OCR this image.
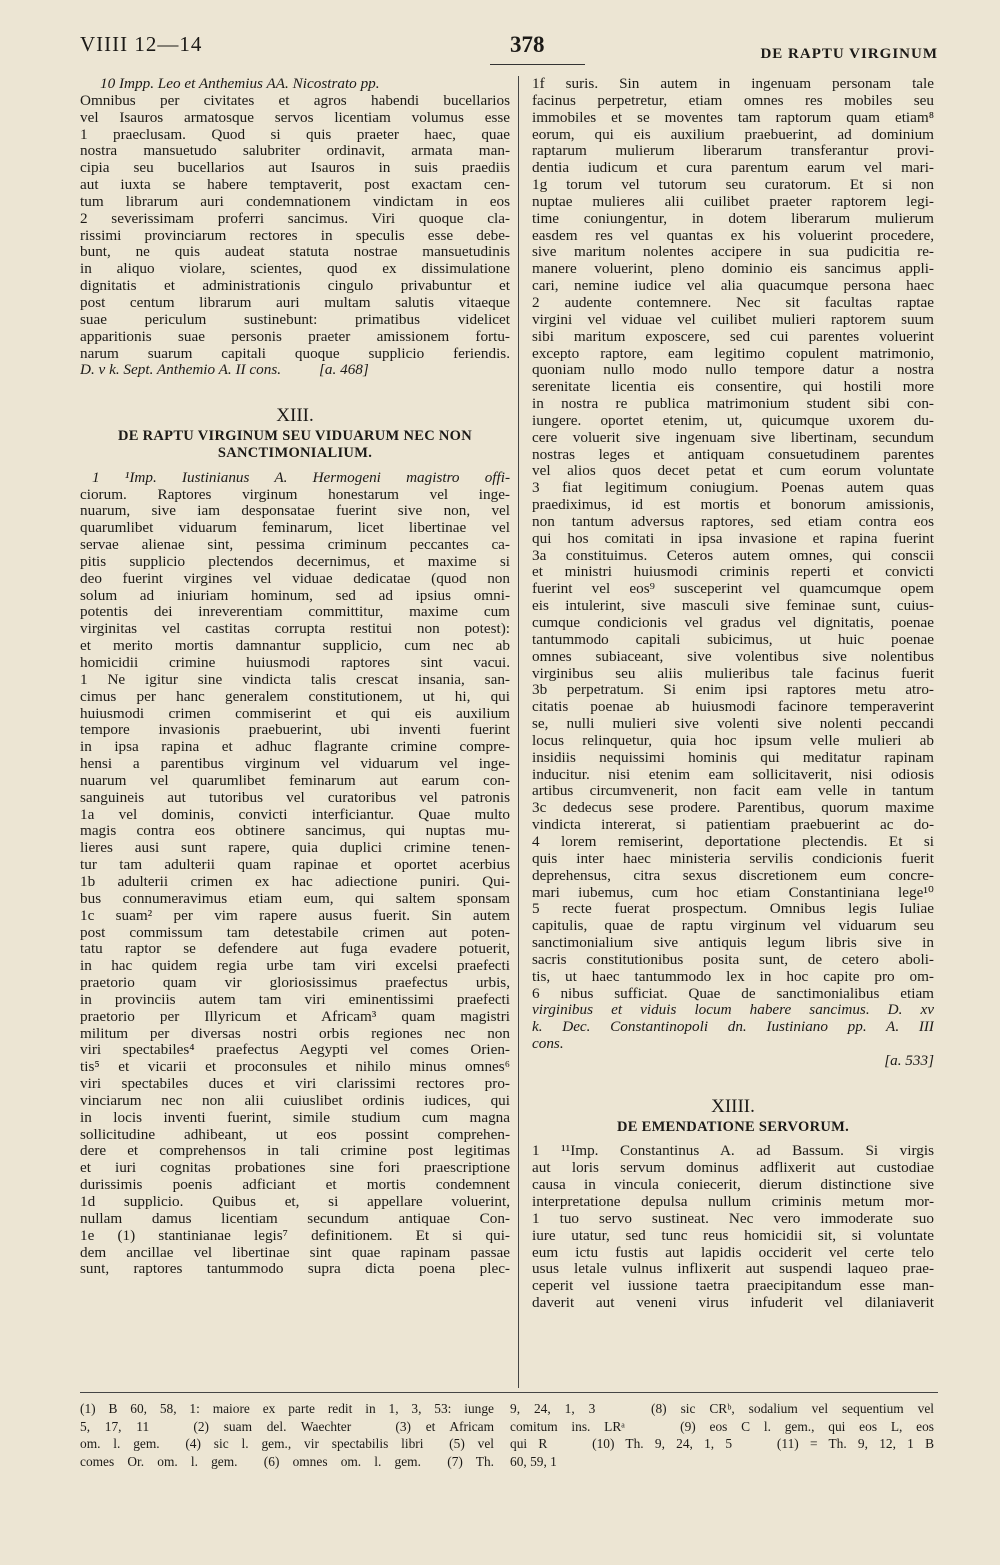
VIIII 12—14	378	DE RAPTU VIRGINUM
10 Impp. Leo et Anthemius AA. Nicostrato pp.
Omnibus per civitates et agros habendi bucellarios
vel Isauros armatosque servos licentiam volumus esse
1 praeclusam. Quod si quis praeter haec, quae
nostra mansuetudo salubriter ordinavit, armata man-
cipia seu bucellarios aut Isauros in suis praediis
aut iuxta se habere temptaverit, post exactam cen-
tum librarum auri condemnationem vindictam in eos
2 severissimam proferri sancimus. Viri quoque cla-
rissimi provinciarum rectores in speculis esse debe-
bunt, ne quis audeat statuta nostrae mansuetudinis
in aliquo violare, scientes, quod ex dissimulatione
dignitatis et administrationis cingulo privabuntur et
post centum librarum auri multam salutis vitaeque
suae periculum sustinebunt: primatibus videlicet
apparitionis suae personis praeter amissionem fortu-
narum suarum capitali quoque supplicio feriendis.
D. v k. Sept. Anthemio A. II cons.          [a. 468]
XIII.
DE RAPTU VIRGINUM SEU VIDUARUM NEC NON
SANCTIMONIALIUM.
1 ¹Imp. Iustinianus A. Hermogeni magistro offi-
ciorum. Raptores virginum honestarum vel inge-
nuarum, sive iam desponsatae fuerint sive non, vel
quarumlibet viduarum feminarum, licet libertinae vel
servae alienae sint, pessima criminum peccantes ca-
pitis supplicio plectendos decernimus, et maxime si
deo fuerint virgines vel viduae dedicatae (quod non
solum ad iniuriam hominum, sed ad ipsius omni-
potentis dei inreverentiam committitur, maxime cum
virginitas vel castitas corrupta restitui non potest):
et merito mortis damnantur supplicio, cum nec ab
homicidii crimine huiusmodi raptores sint vacui.
1 Ne igitur sine vindicta talis crescat insania, san-
cimus per hanc generalem constitutionem, ut hi, qui
huiusmodi crimen commiserint et qui eis auxilium
tempore invasionis praebuerint, ubi inventi fuerint
in ipsa rapina et adhuc flagrante crimine compre-
hensi a parentibus virginum vel viduarum vel inge-
nuarum vel quarumlibet feminarum aut earum con-
sanguineis aut tutoribus vel curatoribus vel patronis
1a vel dominis, convicti interficiantur. Quae multo
magis contra eos obtinere sancimus, qui nuptas mu-
lieres ausi sunt rapere, quia duplici crimine tenen-
tur tam adulterii quam rapinae et oportet acerbius
1b adulterii crimen ex hac adiectione puniri. Qui-
bus connumeravimus etiam eum, qui saltem sponsam
1c suam² per vim rapere ausus fuerit. Sin autem
post commissum tam detestabile crimen aut poten-
tatu raptor se defendere aut fuga evadere potuerit,
in hac quidem regia urbe tam viri excelsi praefecti
praetorio quam vir gloriosissimus praefectus urbis,
in provinciis autem tam viri eminentissimi praefecti
praetorio per Illyricum et Africam³ quam magistri
militum per diversas nostri orbis regiones nec non
viri spectabiles⁴ praefectus Aegypti vel comes Orien-
tis⁵ et vicarii et proconsules et nihilo minus omnes⁶
viri spectabiles duces et viri clarissimi rectores pro-
vinciarum nec non alii cuiuslibet ordinis iudices, qui
in locis inventi fuerint, simile studium cum magna
sollicitudine adhibeant, ut eos possint comprehen-
dere et comprehensos in tali crimine post legitimas
et iuri cognitas probationes sine fori praescriptione
durissimis poenis adficiant et mortis condemnent
1d supplicio. Quibus et, si appellare voluerint,
nullam damus licentiam secundum antiquae Con-
1e (1) stantinianae legis⁷ definitionem. Et si qui-
dem ancillae vel libertinae sint quae rapinam passae
sunt, raptores tantummodo supra dicta poena plec-
1f suris. Sin autem in ingenuam personam tale
facinus perpetretur, etiam omnes res mobiles seu
immobiles et se moventes tam raptorum quam etiam⁸
eorum, qui eis auxilium praebuerint, ad dominium
raptarum mulierum liberarum transferantur provi-
dentia iudicum et cura parentum earum vel mari-
1g torum vel tutorum seu curatorum. Et si non
nuptae mulieres alii cuilibet praeter raptorem legi-
time coniungentur, in dotem liberarum mulierum
easdem res vel quantas ex his voluerint procedere,
sive maritum nolentes accipere in sua pudicitia re-
manere voluerint, pleno dominio eis sancimus appli-
cari, nemine iudice vel alia quacumque persona haec
2 audente contemnere. Nec sit facultas raptae
virgini vel viduae vel cuilibet mulieri raptorem suum
sibi maritum exposcere, sed cui parentes voluerint
excepto raptore, eam legitimo copulent matrimonio,
quoniam nullo modo nullo tempore datur a nostra
serenitate licentia eis consentire, qui hostili more
in nostra re publica matrimonium student sibi con-
iungere. oportet etenim, ut, quicumque uxorem du-
cere voluerit sive ingenuam sive libertinam, secundum
nostras leges et antiquam consuetudinem parentes
vel alios quos decet petat et cum eorum voluntate
3 fiat legitimum coniugium. Poenas autem quas
praediximus, id est mortis et bonorum amissionis,
non tantum adversus raptores, sed etiam contra eos
qui hos comitati in ipsa invasione et rapina fuerint
3a constituimus. Ceteros autem omnes, qui conscii
et ministri huiusmodi criminis reperti et convicti
fuerint vel eos⁹ susceperint vel quamcumque opem
eis intulerint, sive masculi sive feminae sunt, cuius-
cumque condicionis vel gradus vel dignitatis, poenae
tantummodo capitali subicimus, ut huic poenae
omnes subiaceant, sive volentibus sive nolentibus
virginibus seu aliis mulieribus tale facinus fuerit
3b perpetratum. Si enim ipsi raptores metu atro-
citatis poenae ab huiusmodi facinore temperaverint
se, nulli mulieri sive volenti sive nolenti peccandi
locus relinquetur, quia hoc ipsum velle mulieri ab
insidiis nequissimi hominis qui meditatur rapinam
inducitur. nisi etenim eam sollicitaverit, nisi odiosis
artibus circumvenerit, non facit eam velle in tantum
3c dedecus sese prodere. Parentibus, quorum maxime
vindicta intererat, si patientiam praebuerint ac do-
4 lorem remiserint, deportatione plectendis. Et si
quis inter haec ministeria servilis condicionis fuerit
deprehensus, citra sexus discretionem eum concre-
mari iubemus, cum hoc etiam Constantiniana lege¹⁰
5 recte fuerat prospectum. Omnibus legis Iuliae
capitulis, quae de raptu virginum vel viduarum seu
sanctimonialium sive antiquis legum libris sive in
sacris constitutionibus posita sunt, de cetero aboli-
tis, ut haec tantummodo lex in hoc capite pro om-
6 nibus sufficiat. Quae de sanctimonialibus etiam
virginibus et viduis locum habere sancimus. D. xv
k. Dec. Constantinopoli dn. Iustiniano pp. A. III
cons.
[a. 533]
XIIII.
DE EMENDATIONE SERVORUM.
1 ¹¹Imp. Constantinus A. ad Bassum. Si virgis
aut loris servum dominus adflixerit aut custodiae
causa in vincula coniecerit, dierum distinctione sive
interpretatione depulsa nullum criminis metum mor-
1 tuo servo sustineat. Nec vero immoderate suo
iure utatur, sed tunc reus homicidii sit, si voluntate
eum ictu fustis aut lapidis occiderit vel certe telo
usus letale vulnus inflixerit aut suspendi laqueo prae-
ceperit vel iussione taetra praecipitandum esse man-
daverit aut veneni virus infuderit vel dilaniaverit
(1) B 60, 58, 1: maiore ex parte redit in 1, 3, 53: iunge
5, 17, 11   (2) suam del. Waechter   (3) et Africam
om. l. gem.  (4) sic l. gem., vir spectabilis libri  (5) vel
comes Or. om. l. gem.  (6) omnes om. l. gem.  (7) Th.
9, 24, 1, 3    (8) sic CRᵇ, sodalium vel sequentium vel
comitum ins. LRᵃ    (9) eos C l. gem., qui eos L, eos
qui R    (10) Th. 9, 24, 1, 5    (11) = Th. 9, 12, 1 B
60, 59, 1
